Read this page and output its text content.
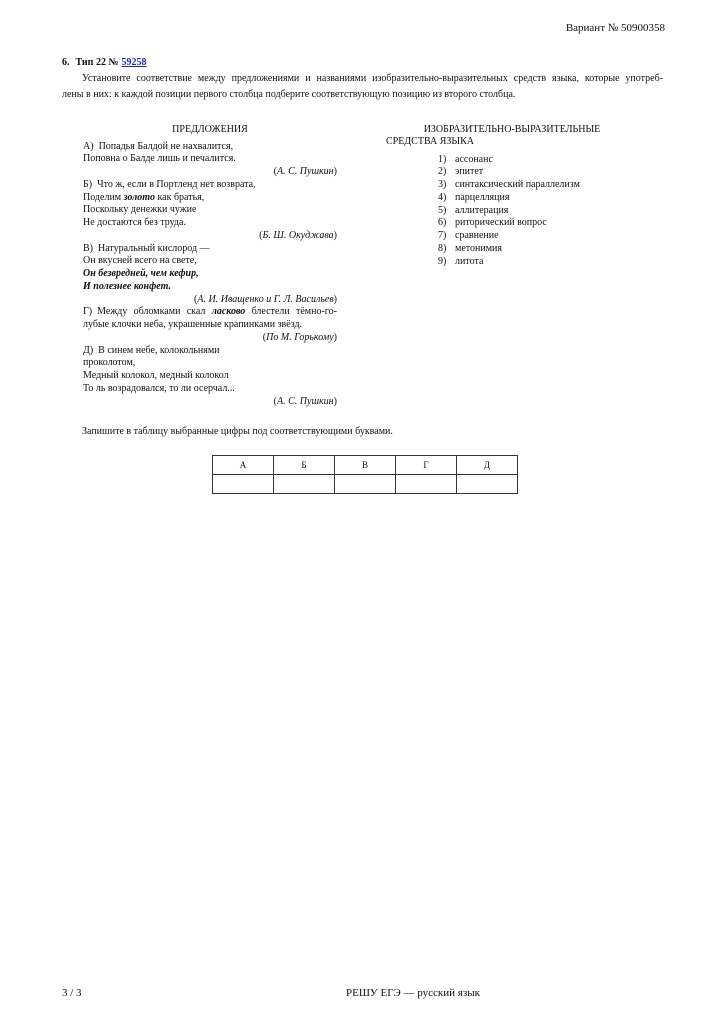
Вариант № 50900358
6. Тип 22 № 59258
Установите соответствие между предложениями и названиями изобразительно-выразительных средств языка, которые употреб-
лены в них: к каждой позиции первого столбца подберите соответствующую позицию из второго столбца.
ПРЕДЛОЖЕНИЯ
А) Попадья Балдой не нахвалится,
Поповна о Балде лишь и печалится.
(А. С. Пушкин)
Б) Что ж, если в Портленд нет возврата,
Поделим золото как братья,
Поскольку денежки чужие
Не достаются без труда.
(Б. Ш. Окуджава)
В) Натуральный кислород —
Он вкусней всего на свете,
Он безвредней, чем кефир,
И полезнее конфет.
(А. И. Иващенко и Г. Л. Васильев)
Г) Между обломками скал ласково блестели тёмно-го-
лубые клочки неба, украшенные крапинками звёзд.
(По М. Горькому)
Д) В синем небе, колокольнями
проколотом,
Медный колокол, медный колокол
То ль возрадовался, то ли осерчал...
(А. С. Пушкин)
ИЗОБРАЗИТЕЛЬНО-ВЫРАЗИТЕЛЬНЫЕ
СРЕДСТВА ЯЗЫКА
1) ассонанс
2) эпитет
3) синтаксический параллелизм
4) парцелляция
5) аллитерация
6) риторический вопрос
7) сравнение
8) метонимия
9) литота
Запишите в таблицу выбранные цифры под соответствующими буквами.
А	Б	В	Г	Д

3 / 3	РЕШУ ЕГЭ — русский язык
